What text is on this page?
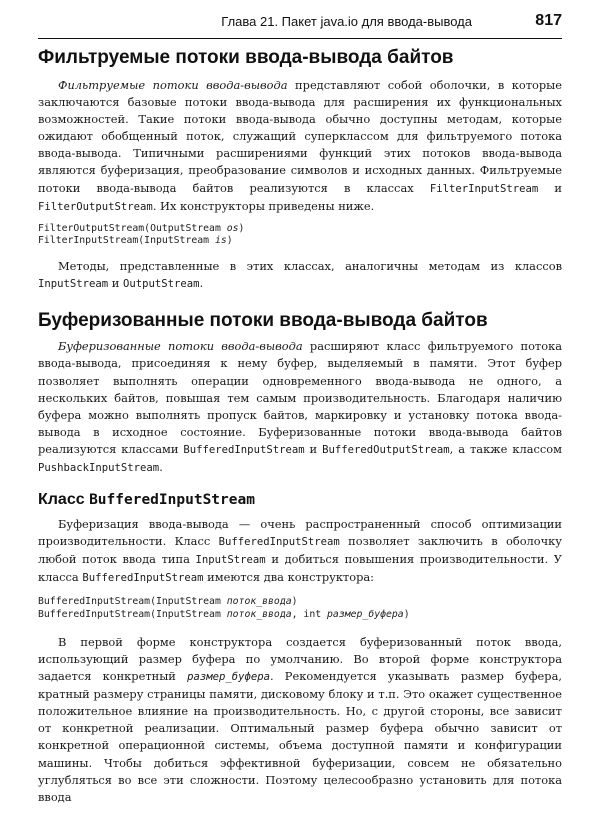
Глава 21. Пакет java.io для ввода-вывода	817
Фильтруемые потоки ввода-вывода байтов

Фильтруемые потоки ввода-вывода представляют собой оболочки, в которые заключаются базовые потоки ввода-вывода для расширения их функциональных возможностей. Такие потоки ввода-вывода обычно доступны методам, которые ожидают обобщенный поток, служащий суперклассом для фильтруемого потока ввода-вывода. Типичными расширениями функций этих потоков ввода-вывода являются буферизация, преобразование символов и исходных данных. Фильтруемые потоки ввода-вывода байтов реализуются в классах FilterInputStream и FilterOutputStream. Их конструкторы приведены ниже.

FilterOutputStream(OutputStream os)
FilterInputStream(InputStream is)

Методы, представленные в этих классах, аналогичны методам из классов InputStream и OutputStream.

Буферизованные потоки ввода-вывода байтов

Буферизованные потоки ввода-вывода расширяют класс фильтруемого потока ввода-вывода, присоединяя к нему буфер, выделяемый в памяти. Этот буфер позволяет выполнять операции одновременного ввода-вывода не одного, а нескольких байтов, повышая тем самым производительность. Благодаря наличию буфера можно выполнять пропуск байтов, маркировку и установку потока ввода-вывода в исходное состояние. Буферизованные потоки ввода-вывода байтов реализуются классами BufferedInputStream и BufferedOutputStream, а также классом PushbackInputStream.

Класс BufferedInputStream

Буферизация ввода-вывода — очень распространенный способ оптимизации производительности. Класс BufferedInputStream позволяет заключить в оболочку любой поток ввода типа InputStream и добиться повышения производительности. У класса BufferedInputStream имеются два конструктора:

BufferedInputStream(InputStream поток_ввода)
BufferedInputStream(InputStream поток_ввода, int размер_буфера)

В первой форме конструктора создается буферизованный поток ввода, использующий размер буфера по умолчанию. Во второй форме конструктора задается конкретный размер_буфера. Рекомендуется указывать размер буфера, кратный размеру страницы памяти, дисковому блоку и т.п. Это окажет существенное положительное влияние на производительность. Но, с другой стороны, все зависит от конкретной реализации. Оптимальный размер буфера обычно зависит от конкретной операционной системы, объема доступной памяти и конфигурации машины. Чтобы добиться эффективной буферизации, совсем не обязательно углубляться во все эти сложности. Поэтому целесообразно установить для потока ввода
